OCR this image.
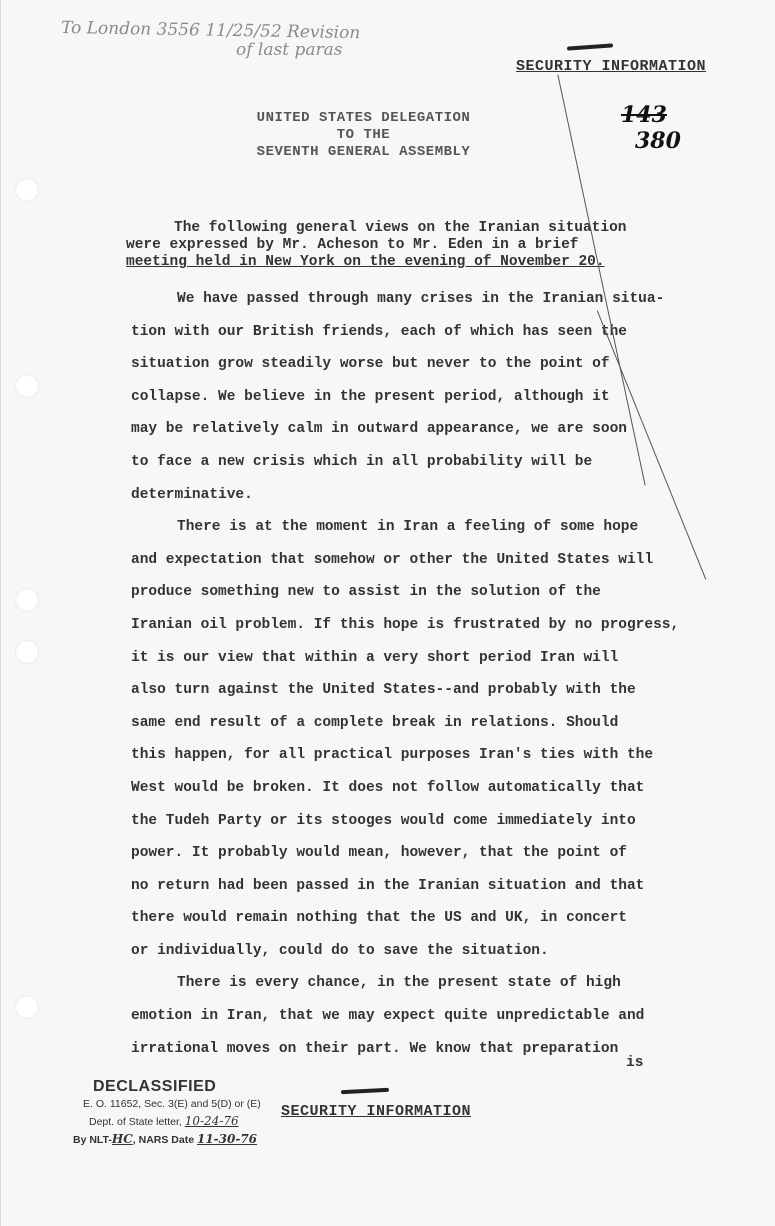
To London 3556 11/25/52 Revision
of last paras
143
380
SECURITY INFORMATION
UNITED STATES DELEGATION
TO THE
SEVENTH GENERAL ASSEMBLY
The following general views on the Iranian situation
were expressed by Mr. Acheson to Mr. Eden in a brief
meeting held in New York on the evening of November 20.
We have passed through many crises in the Iranian situa-
tion with our British friends, each of which has seen the
situation grow steadily worse but never to the point of
collapse. We believe in the present period, although it
may be relatively calm in outward appearance, we are soon
to face a new crisis which in all probability will be
determinative.
There is at the moment in Iran a feeling of some hope
and expectation that somehow or other the United States will
produce something new to assist in the solution of the
Iranian oil problem. If this hope is frustrated by no progress,
it is our view that within a very short period Iran will
also turn against the United States--and probably with the
same end result of a complete break in relations. Should
this happen, for all practical purposes Iran's ties with the
West would be broken. It does not follow automatically that
the Tudeh Party or its stooges would come immediately into
power. It probably would mean, however, that the point of
no return had been passed in the Iranian situation and that
there would remain nothing that the US and UK, in concert
or individually, could do to save the situation.
There is every chance, in the present state of high
emotion in Iran, that we may expect quite unpredictable and
irrational moves on their part. We know that preparation
is
DECLASSIFIED
E. O. 11652, Sec. 3(E) and 5(D) or (E)
Dept. of State letter, 10-24-76
By NLT-HC, NARS Date 11-30-76
SECURITY INFORMATION
